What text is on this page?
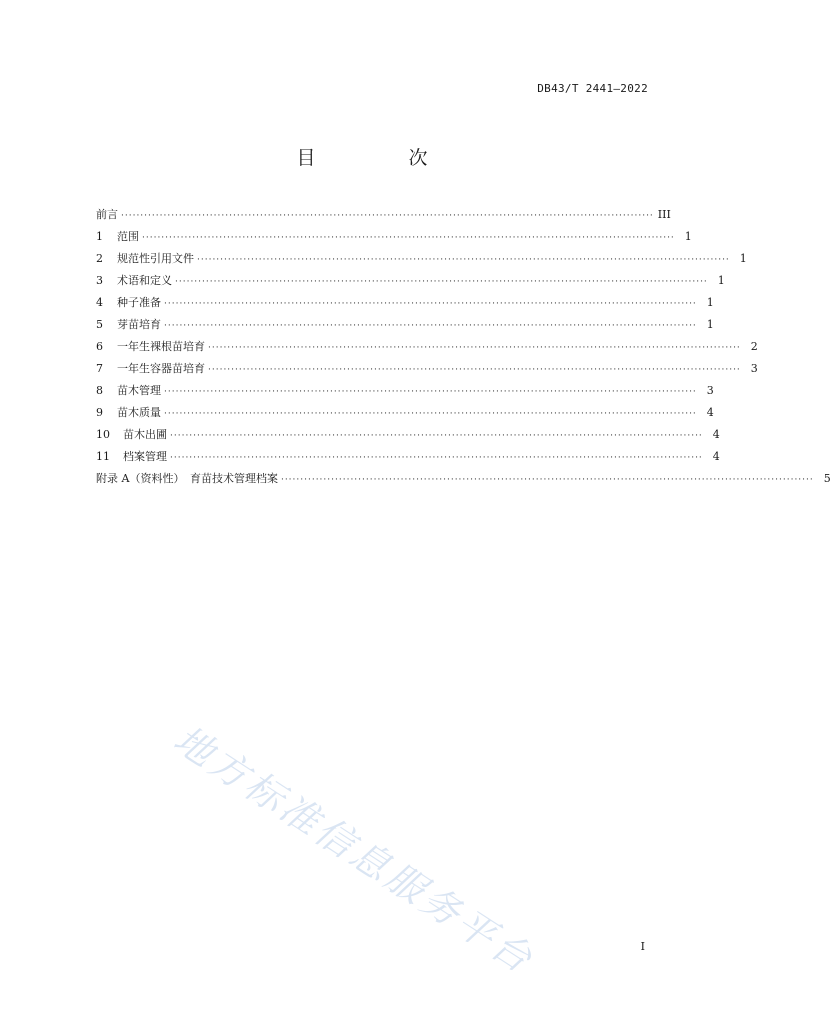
DB43/T 2441—2022
目　次
前言 ·········································································································································· III
1	范围 ·········································································································································· 1
2	规范性引用文件 ·········································································································································· 1
3	术语和定义 ·········································································································································· 1
4	种子准备 ·········································································································································· 1
5	芽苗培育 ·········································································································································· 1
6	一年生裸根苗培育 ·········································································································································· 2
7	一年生容器苗培育 ·········································································································································· 3
8	苗木管理 ·········································································································································· 3
9	苗木质量 ·········································································································································· 4
10	苗木出圃 ·········································································································································· 4
11	档案管理 ·········································································································································· 4
附录 A（资料性）　育苗技术管理档案 ·········································································································································· 5
地方标准信息服务平台	I
